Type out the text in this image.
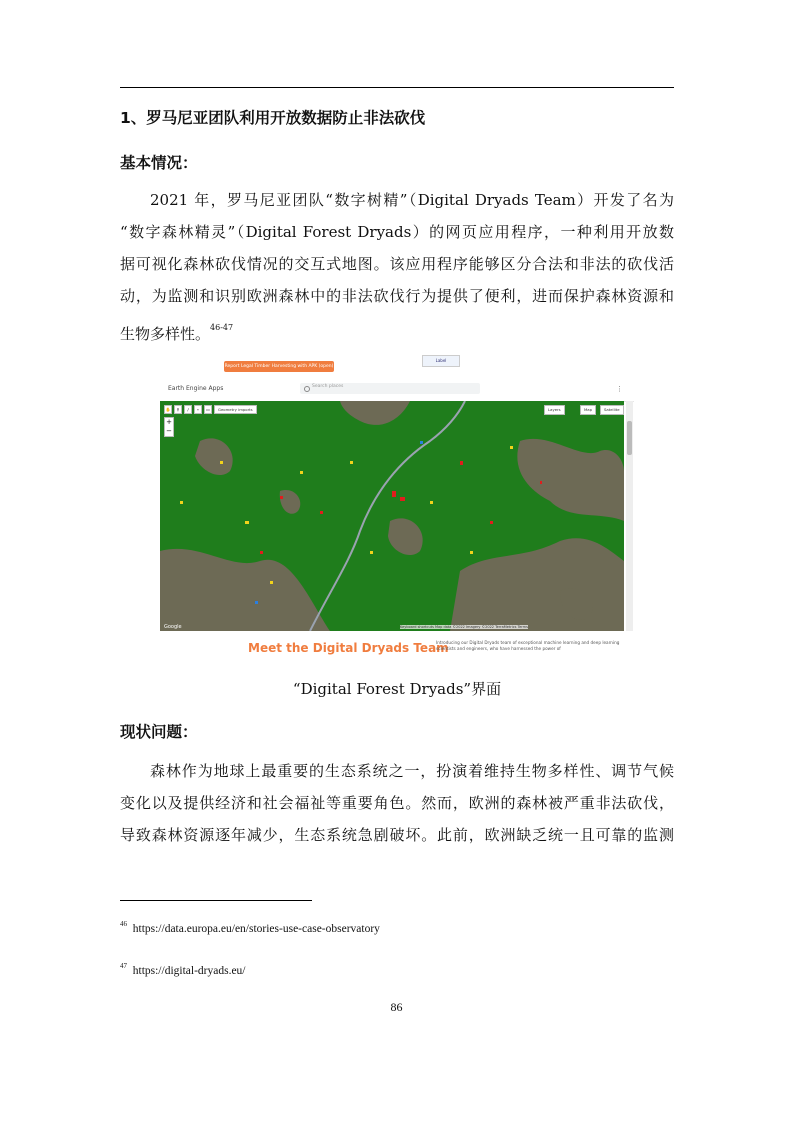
1、罗马尼亚团队利用开放数据防止非法砍伐
基本情况：
2021 年，罗马尼亚团队“数字树精”（Digital Dryads Team）开发了名为
“数字森林精灵”（Digital Forest Dryads）的网页应用程序，一种利用开放数
据可视化森林砍伐情况的交互式地图。该应用程序能够区分合法和非法的砍伐活
动，为监测和识别欧洲森林中的非法砍伐行为提供了便利，进而保护森林资源和
生物多样性。$^{46-47}$
Report Legal Timber Harvesting with APK (open)
Label
Earth Engine Apps	Search places	⋮
✋	⚲	∕	⌁	▭	Geometry imports
+
−
Layers	Map	Satellite
Google	Keyboard shortcuts Map data ©2022 Imagery ©2022 TerraMetrics Terms
Meet the Digital Dryads Team
Introducing our Digital Dryads team of exceptional machine learning and deep learning scientists and engineers, who have harnessed the power of
“Digital Forest Dryads”界面
现状问题：
森林作为地球上最重要的生态系统之一，扮演着维持生物多样性、调节气候
变化以及提供经济和社会福祉等重要角色。然而，欧洲的森林被严重非法砍伐，
导致森林资源逐年减少，生态系统急剧破坏。此前，欧洲缺乏统一且可靠的监测
$^{46}$ https://data.europa.eu/en/stories-use-case-observatory
$^{47}$ https://digital-dryads.eu/
86
